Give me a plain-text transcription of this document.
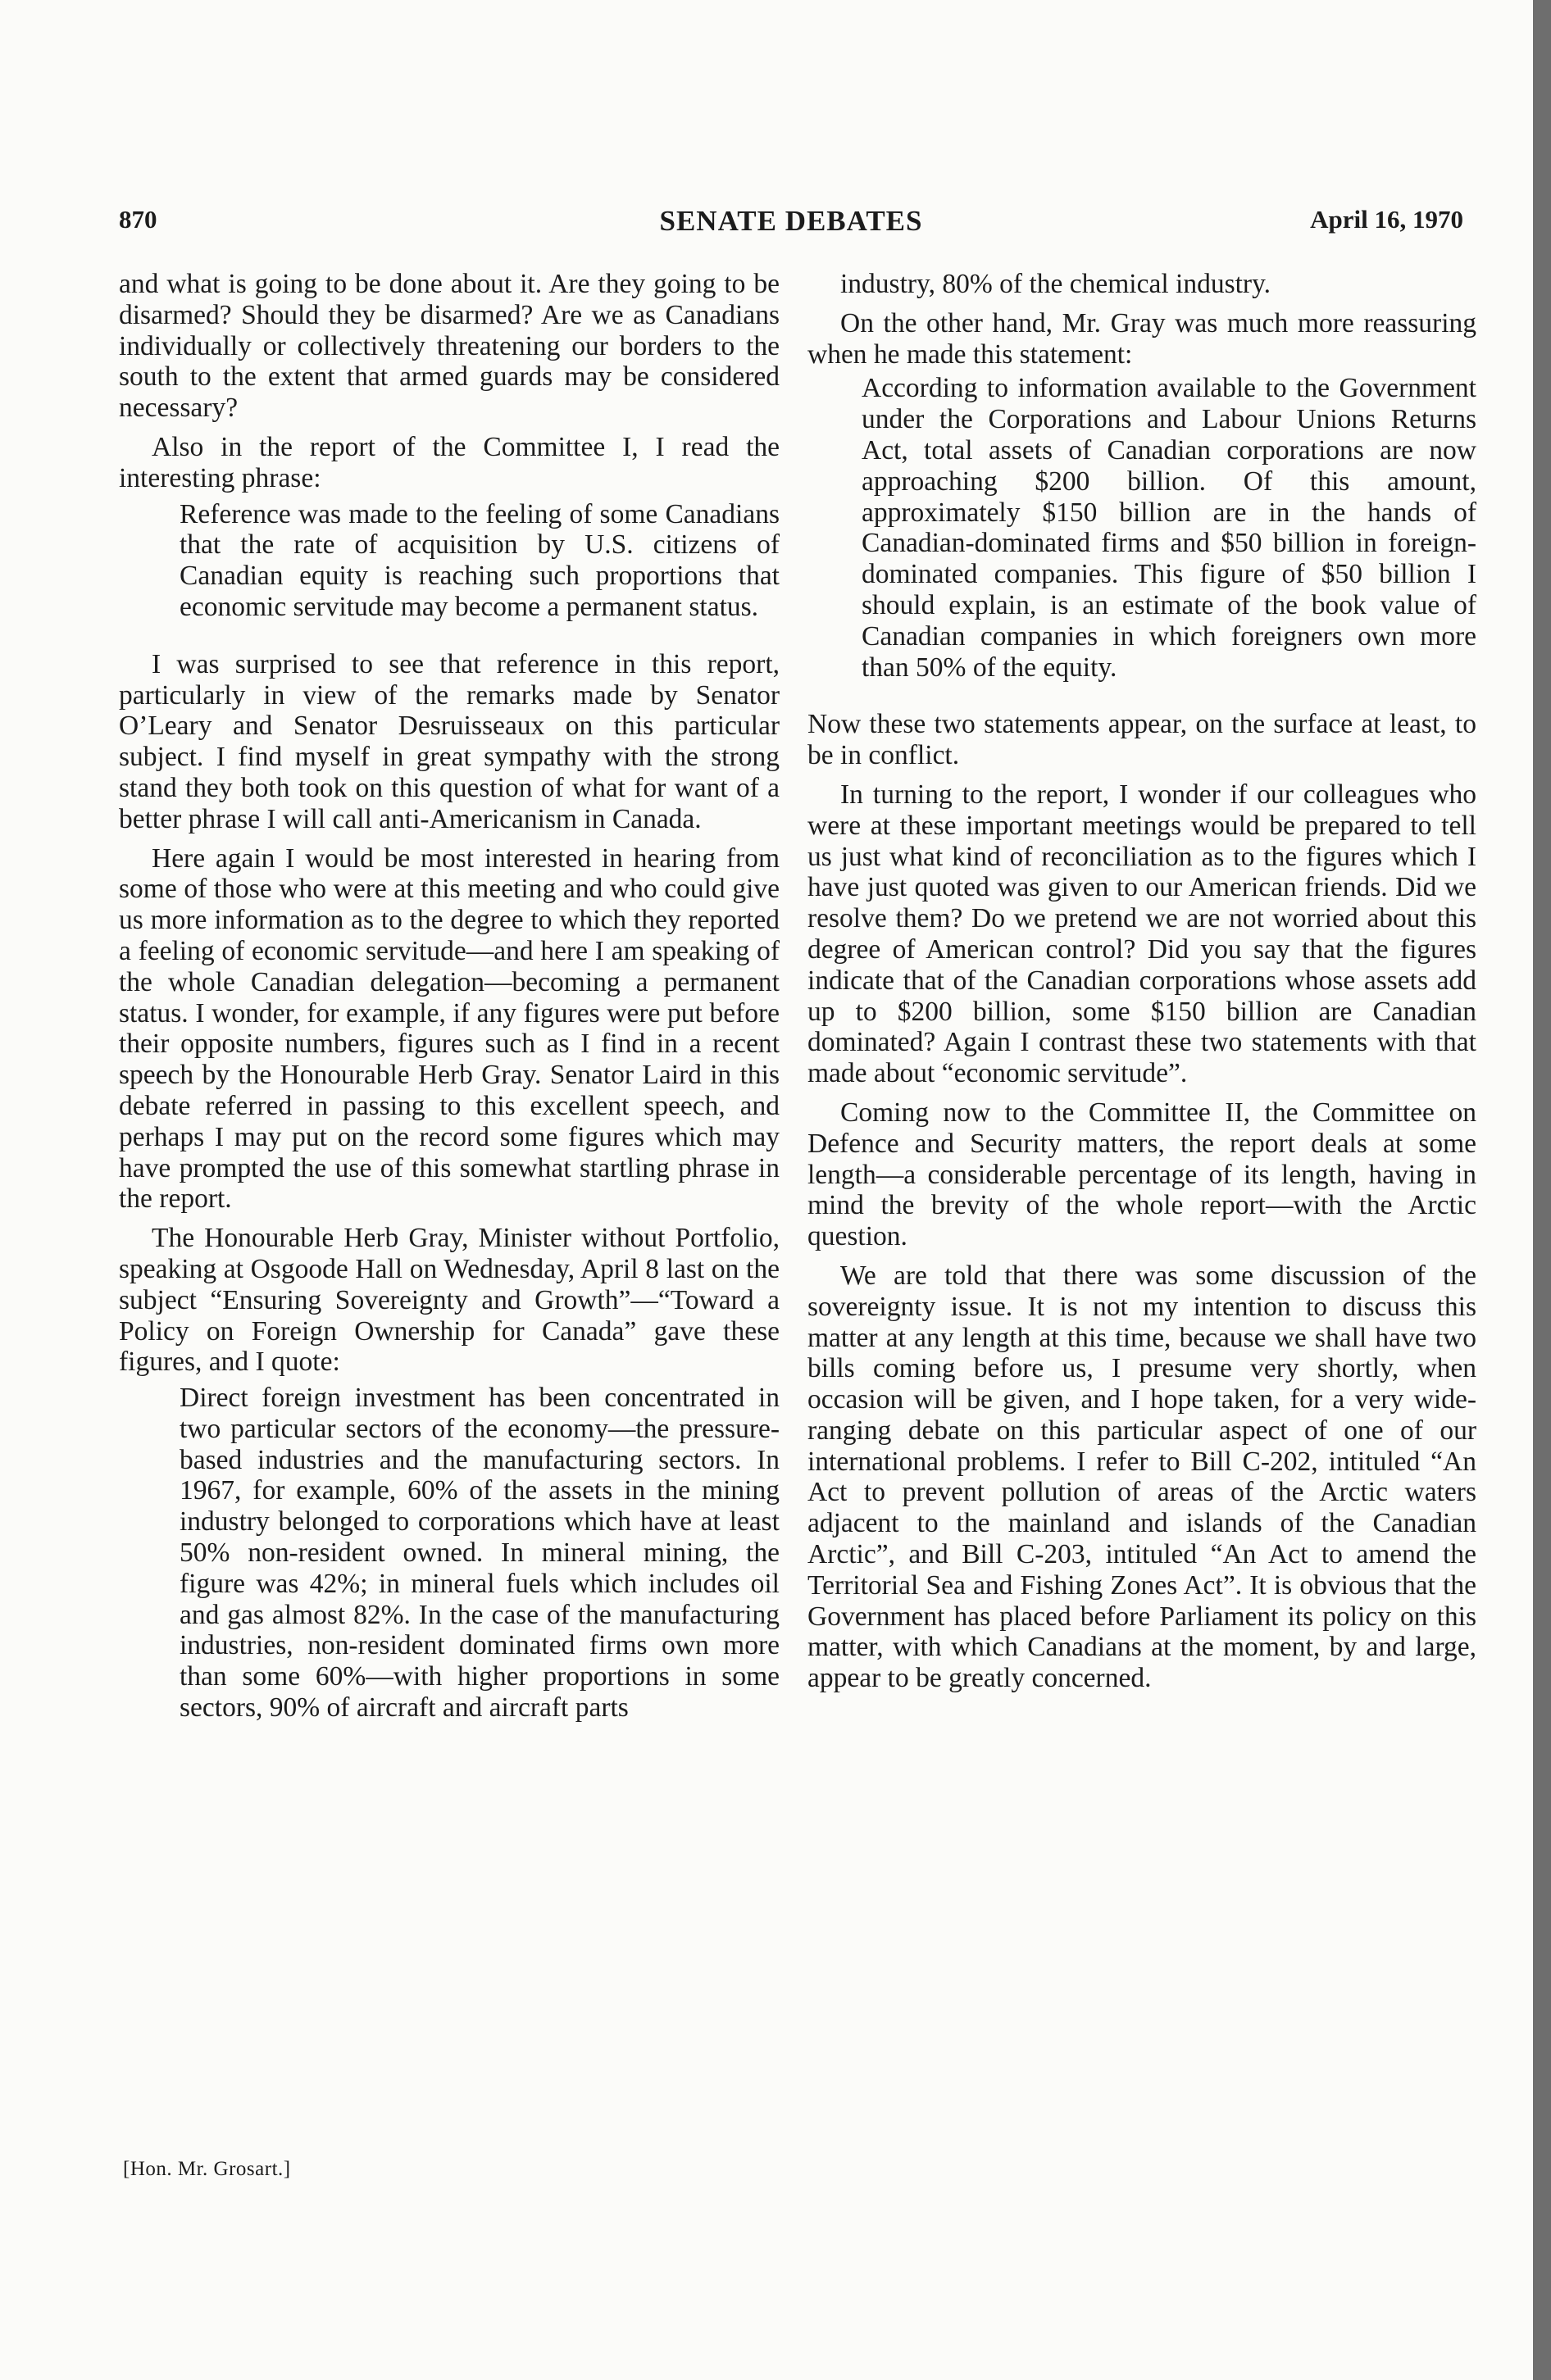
870	SENATE DEBATES	April 16, 1970

and what is going to be done about it. Are they going to be disarmed? Should they be disarmed? Are we as Canadians individually or collectively threatening our borders to the south to the extent that armed guards may be considered necessary?

Also in the report of the Committee I, I read the interesting phrase:

Reference was made to the feeling of some Canadians that the rate of acquisition by U.S. citizens of Canadian equity is reaching such proportions that economic servitude may become a permanent status.

I was surprised to see that reference in this report, particularly in view of the remarks made by Senator O’Leary and Senator Desruisseaux on this particular subject. I find myself in great sympathy with the strong stand they both took on this question of what for want of a better phrase I will call anti-Americanism in Canada.

Here again I would be most interested in hearing from some of those who were at this meeting and who could give us more information as to the degree to which they reported a feeling of economic servitude—and here I am speaking of the whole Canadian delegation—becoming a permanent status. I wonder, for example, if any figures were put before their opposite numbers, figures such as I find in a recent speech by the Honourable Herb Gray. Senator Laird in this debate referred in passing to this excellent speech, and perhaps I may put on the record some figures which may have prompted the use of this somewhat startling phrase in the report.

The Honourable Herb Gray, Minister without Portfolio, speaking at Osgoode Hall on Wednesday, April 8 last on the subject “Ensuring Sovereignty and Growth”—“Toward a Policy on Foreign Ownership for Canada” gave these figures, and I quote:

Direct foreign investment has been concentrated in two particular sectors of the economy—the pressure-based industries and the manufacturing sectors. In 1967, for example, 60% of the assets in the mining industry belonged to corporations which have at least 50% non-resident owned. In mineral mining, the figure was 42%; in mineral fuels which includes oil and gas almost 82%. In the case of the manufacturing industries, non-resident dominated firms own more than some 60%—with higher proportions in some sectors, 90% of aircraft and aircraft parts

industry, 80% of the chemical industry.

On the other hand, Mr. Gray was much more reassuring when he made this statement:

According to information available to the Government under the Corporations and Labour Unions Returns Act, total assets of Canadian corporations are now approaching $200 billion. Of this amount, approximately $150 billion are in the hands of Canadian-dominated firms and $50 billion in foreign-dominated companies. This figure of $50 billion I should explain, is an estimate of the book value of Canadian companies in which foreigners own more than 50% of the equity.

Now these two statements appear, on the surface at least, to be in conflict.

In turning to the report, I wonder if our colleagues who were at these important meetings would be prepared to tell us just what kind of reconciliation as to the figures which I have just quoted was given to our American friends. Did we resolve them? Do we pretend we are not worried about this degree of American control? Did you say that the figures indicate that of the Canadian corporations whose assets add up to $200 billion, some $150 billion are Canadian dominated? Again I contrast these two statements with that made about “economic servitude”.

Coming now to the Committee II, the Committee on Defence and Security matters, the report deals at some length—a considerable percentage of its length, having in mind the brevity of the whole report—with the Arctic question.

We are told that there was some discussion of the sovereignty issue. It is not my intention to discuss this matter at any length at this time, because we shall have two bills coming before us, I presume very shortly, when occasion will be given, and I hope taken, for a very wide-ranging debate on this particular aspect of one of our international problems. I refer to Bill C-202, intituled “An Act to prevent pollution of areas of the Arctic waters adjacent to the mainland and islands of the Canadian Arctic”, and Bill C-203, intituled “An Act to amend the Territorial Sea and Fishing Zones Act”. It is obvious that the Government has placed before Parliament its policy on this matter, with which Canadians at the moment, by and large, appear to be greatly concerned.

[Hon. Mr. Grosart.]
